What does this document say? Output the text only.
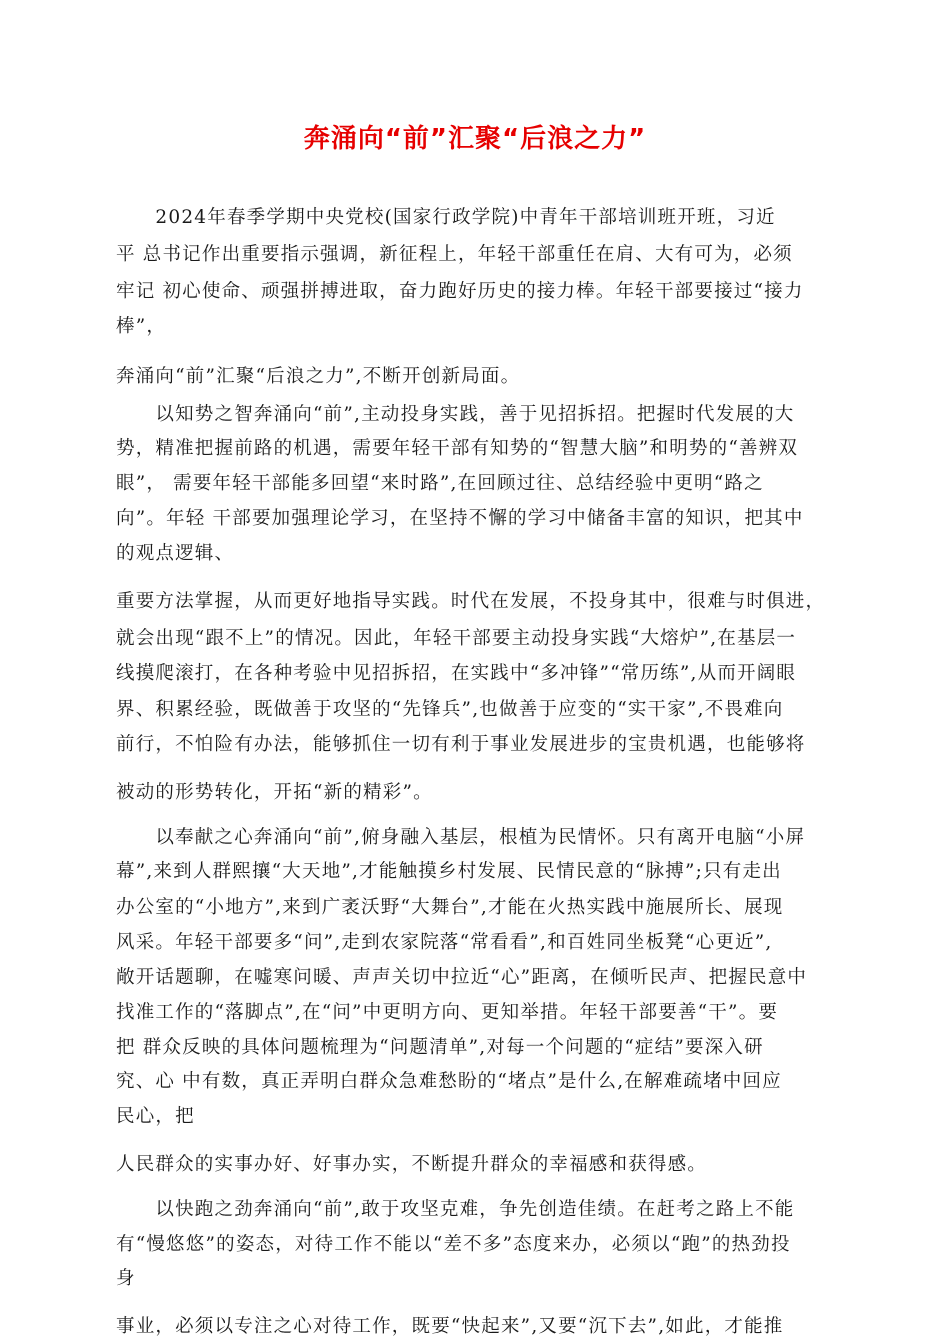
奔涌向“前”汇聚“后浪之力”
　　2024年春季学期中央党校(国家行政学院)中青年干部培训班开班，习近
平 总书记作出重要指示强调，新征程上，年轻干部重任在肩、大有可为，必须
牢记 初心使命、顽强拼搏进取，奋力跑好历史的接力棒。年轻干部要接过“接力
棒”，
奔涌向“前”汇聚“后浪之力”,不断开创新局面。
　　以知势之智奔涌向“前”,主动投身实践，善于见招拆招。把握时代发展的大
势，精准把握前路的机遇，需要年轻干部有知势的“智慧大脑”和明势的“善辨双
眼”， 需要年轻干部能多回望“来时路”,在回顾过往、总结经验中更明“路之
向”。年轻 干部要加强理论学习，在坚持不懈的学习中储备丰富的知识，把其中
的观点逻辑、
重要方法掌握，从而更好地指导实践。时代在发展，不投身其中，很难与时俱进，
就会出现“跟不上”的情况。因此，年轻干部要主动投身实践“大熔炉”,在基层一
线摸爬滚打，在各种考验中见招拆招，在实践中“多冲锋”“常历练”,从而开阔眼
界、积累经验，既做善于攻坚的“先锋兵”,也做善于应变的“实干家”,不畏难向
前行，不怕险有办法，能够抓住一切有利于事业发展进步的宝贵机遇，也能够将
被动的形势转化，开拓“新的精彩”。
　　以奉献之心奔涌向“前”,俯身融入基层，根植为民情怀。只有离开电脑“小屏
幕”,来到人群熙攘“大天地”,才能触摸乡村发展、民情民意的“脉搏”;只有走出
办公室的“小地方”,来到广袤沃野“大舞台”,才能在火热实践中施展所长、展现
风采。年轻干部要多“问”,走到农家院落“常看看”,和百姓同坐板凳“心更近”,
敞开话题聊，在嘘寒问暖、声声关切中拉近“心”距离，在倾听民声、把握民意中
找准工作的“落脚点”,在“问”中更明方向、更知举措。年轻干部要善“干”。要
把 群众反映的具体问题梳理为“问题清单”,对每一个问题的“症结”要深入研
究、心 中有数，真正弄明白群众急难愁盼的“堵点”是什么,在解难疏堵中回应
民心，把
人民群众的实事办好、好事办实，不断提升群众的幸福感和获得感。
　　以快跑之劲奔涌向“前”,敢于攻坚克难，争先创造佳绩。在赶考之路上不能
有“慢悠悠”的姿态，对待工作不能以“差不多”态度来办，必须以“跑”的热劲投
身
事业，必须以专注之心对待工作，既要“快起来”,又要“沉下去”,如此，才能推
